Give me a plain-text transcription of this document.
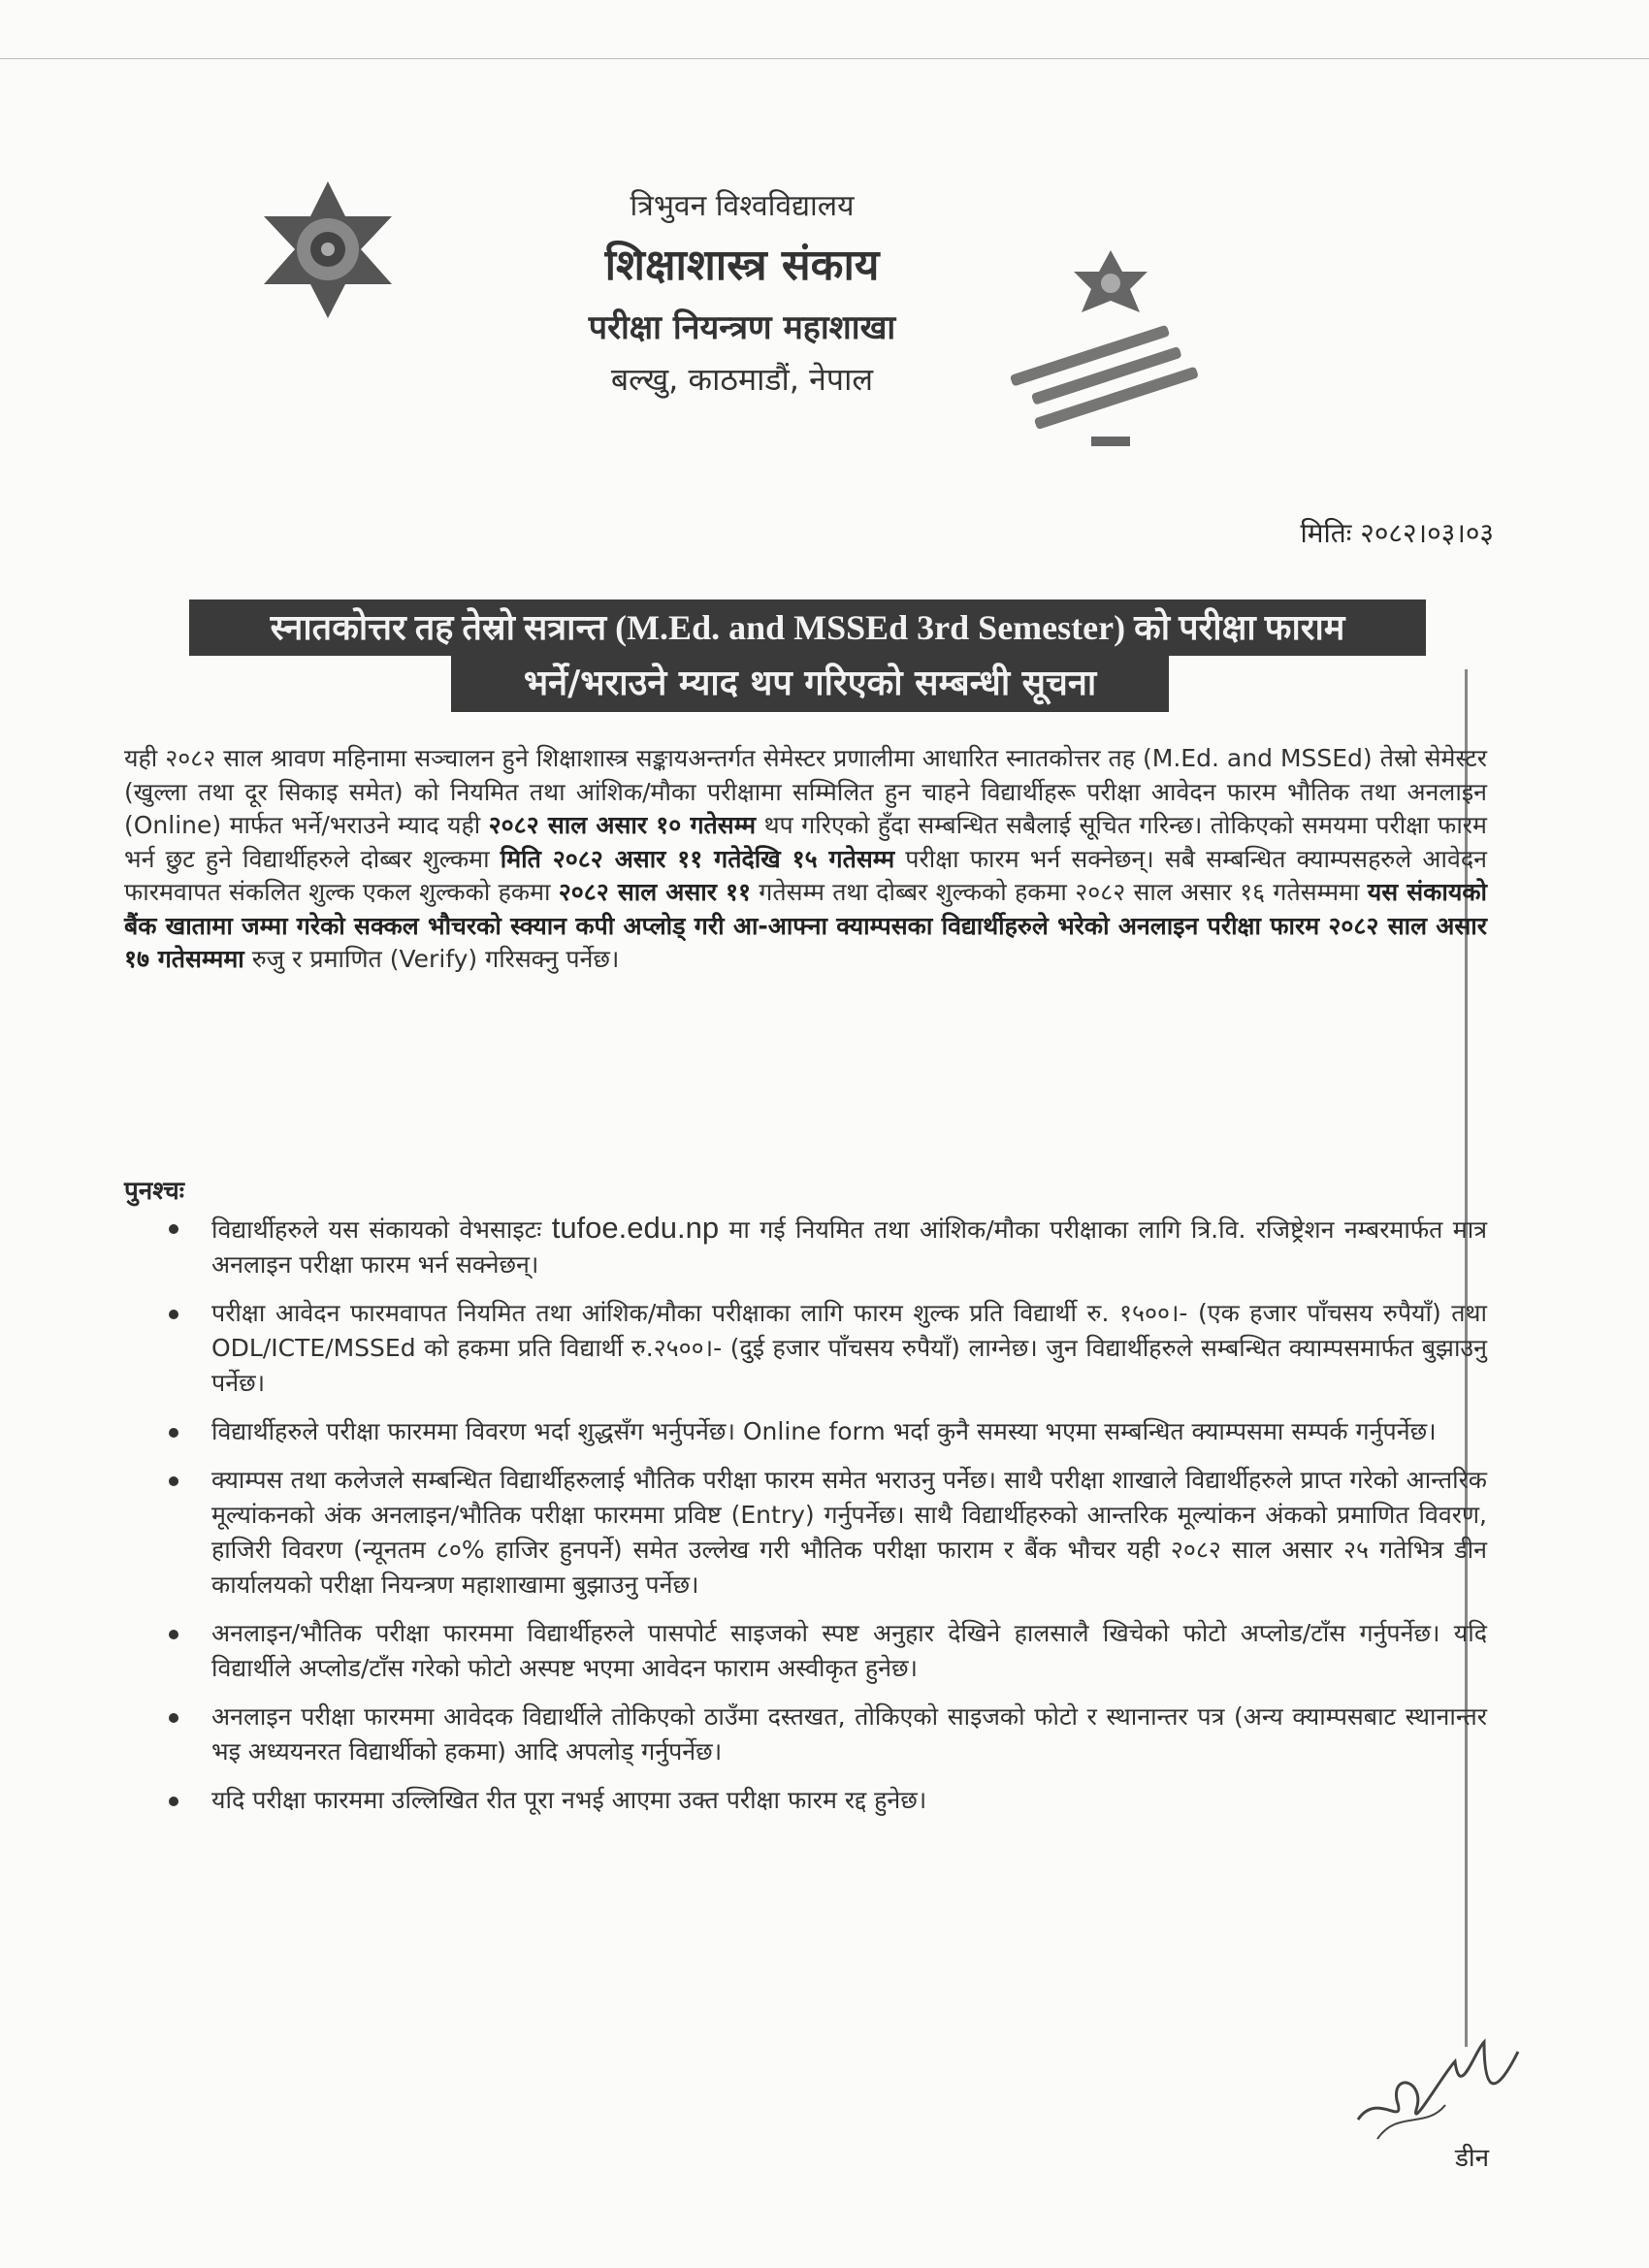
त्रिभुवन विश्वविद्यालय
शिक्षाशास्त्र संकाय
परीक्षा नियन्त्रण महाशाखा
बल्खु, काठमाडौं, नेपाल
मितिः २०८२।०३।०३
स्नातकोत्तर तह तेस्रो सत्रान्त (M.Ed. and MSSEd 3rd Semester) को परीक्षा फाराम
भर्ने/भराउने म्याद थप गरिएको सम्बन्धी सूचना
यही २०८२ साल श्रावण महिनामा सञ्चालन हुने शिक्षाशास्त्र सङ्कायअन्तर्गत सेमेस्टर प्रणालीमा आधारित स्नातकोत्तर तह (M.Ed. and MSSEd) तेस्रो सेमेस्टर (खुल्ला तथा दूर सिकाइ समेत) को नियमित तथा आंशिक/मौका परीक्षामा सम्मिलित हुन चाहने विद्यार्थीहरू परीक्षा आवेदन फारम भौतिक तथा अनलाइन (Online) मार्फत भर्ने/भराउने म्याद यही २०८२ साल असार १० गतेसम्म थप गरिएको हुँदा सम्बन्धित सबैलाई सूचित गरिन्छ। तोकिएको समयमा परीक्षा फारम भर्न छुट हुने विद्यार्थीहरुले दोब्बर शुल्कमा मिति २०८२ असार ११ गतेदेखि १५ गतेसम्म परीक्षा फारम भर्न सक्नेछन्। सबै सम्बन्धित क्याम्पसहरुले आवेदन फारमवापत संकलित शुल्क एकल शुल्कको हकमा २०८२ साल असार ११ गतेसम्म तथा दोब्बर शुल्कको हकमा २०८२ साल असार १६ गतेसम्ममा यस संकायको बैंक खातामा जम्मा गरेको सक्कल भौचरको स्क्यान कपी अप्लोड् गरी आ-आफ्ना क्याम्पसका विद्यार्थीहरुले भरेको अनलाइन परीक्षा फारम २०८२ साल असार १७ गतेसम्ममा रुजु र प्रमाणित (Verify) गरिसक्नु पर्नेछ।
पुनश्चः
विद्यार्थीहरुले यस संकायको वेभसाइटः tufoe.edu.np मा गई नियमित तथा आंशिक/मौका परीक्षाका लागि त्रि.वि. रजिष्ट्रेशन नम्बरमार्फत मात्र अनलाइन परीक्षा फारम भर्न सक्नेछन्।
परीक्षा आवेदन फारमवापत नियमित तथा आंशिक/मौका परीक्षाका लागि फारम शुल्क प्रति विद्यार्थी रु. १५००।- (एक हजार पाँचसय रुपैयाँ) तथा ODL/ICTE/MSSEd को हकमा प्रति विद्यार्थी रु.२५००।- (दुई हजार पाँचसय रुपैयाँ) लाग्नेछ। जुन विद्यार्थीहरुले सम्बन्धित क्याम्पसमार्फत बुझाउनु पर्नेछ।
विद्यार्थीहरुले परीक्षा फारममा विवरण भर्दा शुद्धसँग भर्नुपर्नेछ। Online form भर्दा कुनै समस्या भएमा सम्बन्धित क्याम्पसमा सम्पर्क गर्नुपर्नेछ।
क्याम्पस तथा कलेजले सम्बन्धित विद्यार्थीहरुलाई भौतिक परीक्षा फारम समेत भराउनु पर्नेछ। साथै परीक्षा शाखाले विद्यार्थीहरुले प्राप्त गरेको आन्तरिक मूल्यांकनको अंक अनलाइन/भौतिक परीक्षा फारममा प्रविष्ट (Entry) गर्नुपर्नेछ। साथै विद्यार्थीहरुको आन्तरिक मूल्यांकन अंकको प्रमाणित विवरण, हाजिरी विवरण (न्यूनतम ८०% हाजिर हुनपर्ने) समेत उल्लेख गरी भौतिक परीक्षा फाराम र बैंक भौचर यही २०८२ साल असार २५ गतेभित्र डीन कार्यालयको परीक्षा नियन्त्रण महाशाखामा बुझाउनु पर्नेछ।
अनलाइन/भौतिक परीक्षा फारममा विद्यार्थीहरुले पासपोर्ट साइजको स्पष्ट अनुहार देखिने हालसालै खिचेको फोटो अप्लोड/टाँस गर्नुपर्नेछ। यदि विद्यार्थीले अप्लोड/टाँस गरेको फोटो अस्पष्ट भएमा आवेदन फाराम अस्वीकृत हुनेछ।
अनलाइन परीक्षा फारममा आवेदक विद्यार्थीले तोकिएको ठाउँमा दस्तखत, तोकिएको साइजको फोटो र स्थानान्तर पत्र (अन्य क्याम्पसबाट स्थानान्तर भइ अध्ययनरत विद्यार्थीको हकमा) आदि अपलोड् गर्नुपर्नेछ।
यदि परीक्षा फारममा उल्लिखित रीत पूरा नभई आएमा उक्त परीक्षा फारम रद्द हुनेछ।
डीन
